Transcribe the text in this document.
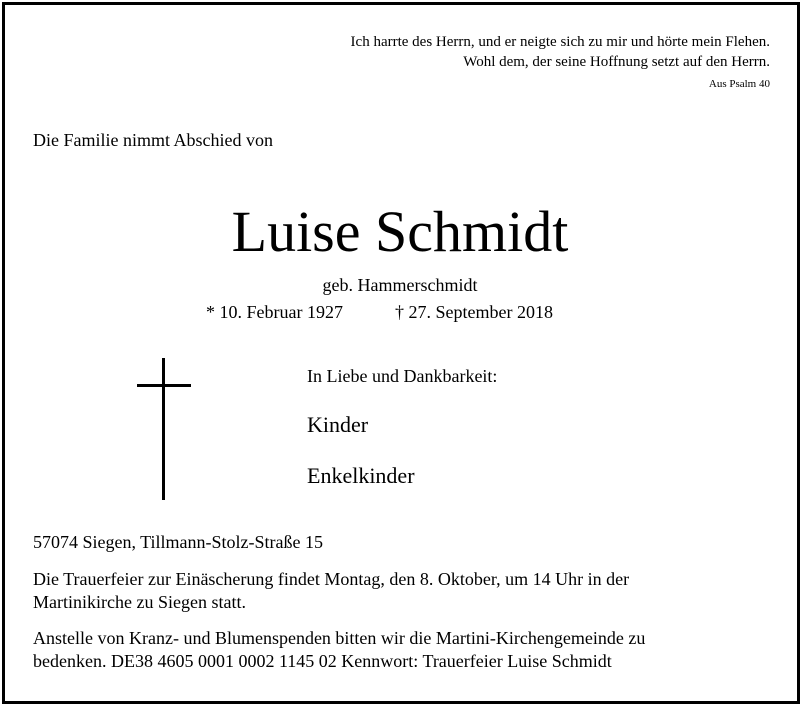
Ich harrte des Herrn, und er neigte sich zu mir und hörte mein Flehen.
Wohl dem, der seine Hoffnung setzt auf den Herrn.
Aus Psalm 40
Die Familie nimmt Abschied von
Luise Schmidt
geb. Hammerschmidt
* 10. Februar 1927	† 27. September 2018
In Liebe und Dankbarkeit:
Kinder
Enkelkinder
57074 Siegen, Tillmann-Stolz-Straße 15
Die Trauerfeier zur Einäscherung findet Montag, den 8. Oktober, um 14 Uhr in der
Martinikirche zu Siegen statt.
Anstelle von Kranz- und Blumenspenden bitten wir die Martini-Kirchengemeinde zu
bedenken. DE38 4605 0001 0002 1145 02 Kennwort: Trauerfeier Luise Schmidt
